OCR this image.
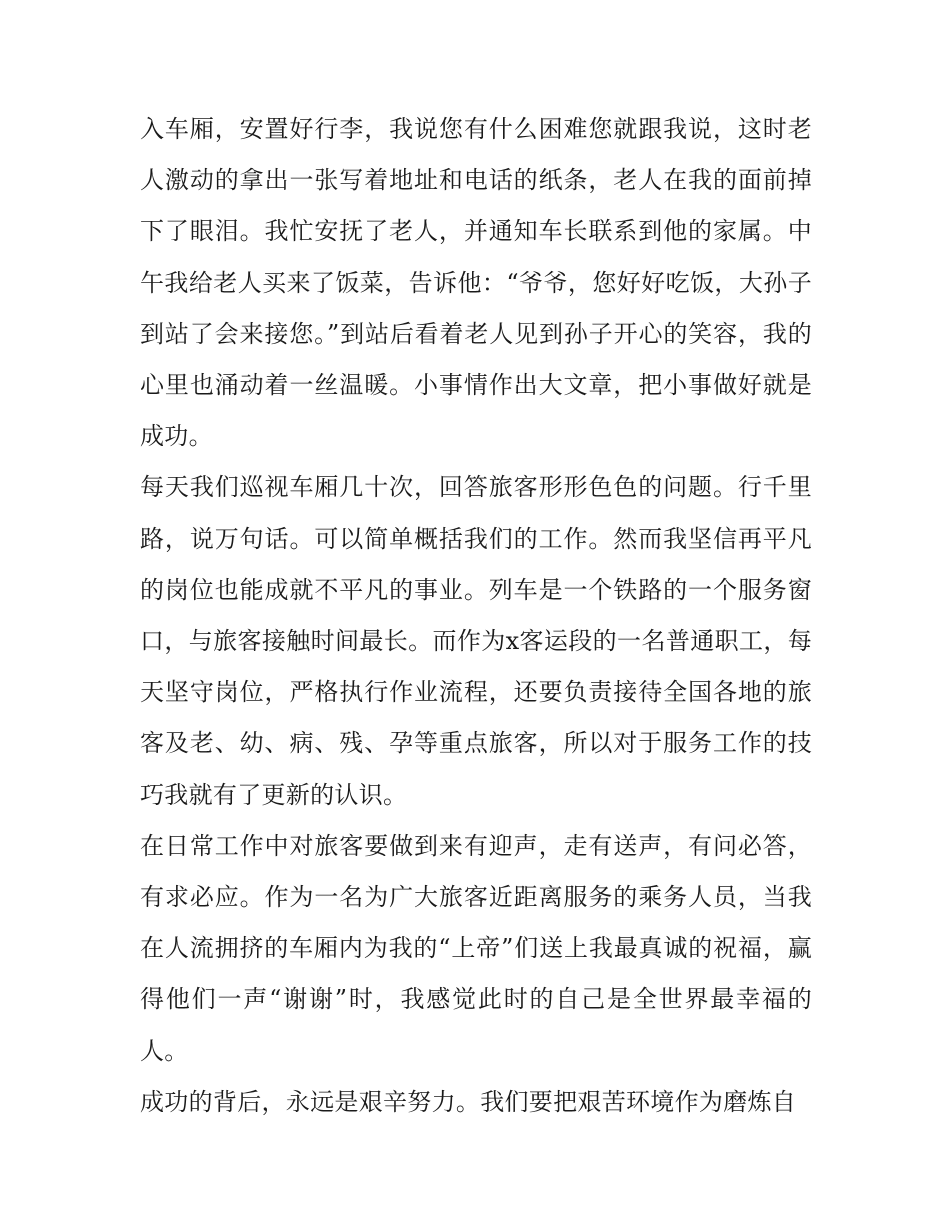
入车厢，安置好行李，我说您有什么困难您就跟我说，这时老人激动的拿出一张写着地址和电话的纸条，老人在我的面前掉下了眼泪。我忙安抚了老人，并通知车长联系到他的家属。中午我给老人买来了饭菜，告诉他：“爷爷，您好好吃饭，大孙子到站了会来接您。”到站后看着老人见到孙子开心的笑容，我的心里也涌动着一丝温暖。小事情作出大文章，把小事做好就是成功。

每天我们巡视车厢几十次，回答旅客形形色色的问题。行千里路，说万句话。可以简单概括我们的工作。然而我坚信再平凡的岗位也能成就不平凡的事业。列车是一个铁路的一个服务窗口，与旅客接触时间最长。而作为x客运段的一名普通职工，每天坚守岗位，严格执行作业流程，还要负责接待全国各地的旅客及老、幼、病、残、孕等重点旅客，所以对于服务工作的技巧我就有了更新的认识。

在日常工作中对旅客要做到来有迎声，走有送声，有问必答，有求必应。作为一名为广大旅客近距离服务的乘务人员，当我在人流拥挤的车厢内为我的“上帝”们送上我最真诚的祝福，赢得他们一声“谢谢”时，我感觉此时的自己是全世界最幸福的人。

成功的背后，永远是艰辛努力。我们要把艰苦环境作为磨炼自
